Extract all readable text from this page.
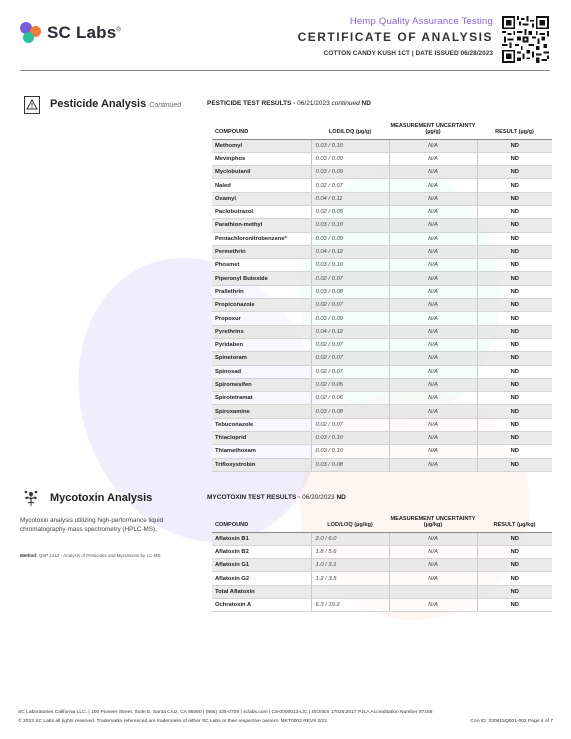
SC Labs®
Hemp Quality Assurance Testing
CERTIFICATE OF ANALYSIS
COTTON CANDY KUSH 1CT | DATE ISSUED 06/28/2023
Pesticide Analysis Continued	PESTICIDE TEST RESULTS - 06/21/2023 continued ND
COMPOUND	LOD/LOQ (µg/g)	MEASUREMENT UNCERTAINTY (µg/g)	RESULT (µg/g)
Methomyl	0.03 / 0.10	N/A	ND
Mevinphos	0.03 / 0.09	N/A	ND
Myclobutanil	0.03 / 0.09	N/A	ND
Naled	0.02 / 0.07	N/A	ND
Oxamyl	0.04 / 0.11	N/A	ND
Paclobutrazol	0.02 / 0.05	N/A	ND
Parathion-methyl	0.03 / 0.10	N/A	ND
Pentachloronitrobenzene*	0.03 / 0.09	N/A	ND
Permethrin	0.04 / 0.12	N/A	ND
Phosmet	0.03 / 0.10	N/A	ND
Piperonyl Butoxide	0.02 / 0.07	N/A	ND
Prallethrin	0.03 / 0.08	N/A	ND
Propiconazole	0.02 / 0.07	N/A	ND
Propoxur	0.03 / 0.09	N/A	ND
Pyrethrins	0.04 / 0.12	N/A	ND
Pyridaben	0.02 / 0.07	N/A	ND
Spinetoram	0.02 / 0.07	N/A	ND
Spinosad	0.02 / 0.07	N/A	ND
Spiromesifen	0.02 / 0.05	N/A	ND
Spirotetramat	0.02 / 0.06	N/A	ND
Spiroxamine	0.03 / 0.08	N/A	ND
Tebuconazole	0.02 / 0.07	N/A	ND
Thiacloprid	0.03 / 0.10	N/A	ND
Thiamethoxam	0.03 / 0.10	N/A	ND
Trifloxystrobin	0.03 / 0.08	N/A	ND
Mycotoxin Analysis
Mycotoxin analysis utilizing high-performance liquid chromatography-mass spectrometry (HPLC-MS).
Method: QSP 1212 - Analysis of Pesticides and Mycotoxins by LC-MS
MYCOTOXIN TEST RESULTS - 06/20/2023 ND
COMPOUND	LOD/LOQ (µg/kg)	MEASUREMENT UNCERTAINTY (µg/kg)	RESULT (µg/kg)
Aflatoxin B1	2.0 / 6.0	N/A	ND
Aflatoxin B2	1.8 / 5.6	N/A	ND
Aflatoxin G1	1.0 / 3.1	N/A	ND
Aflatoxin G2	1.2 / 3.5	N/A	ND
Total Aflatoxin			ND
Ochratoxin A	6.3 / 19.2	N/A	ND
SC Laboratories California LLC. | 100 Pioneer Street, Suite E, Santa Cruz, CA 95060 | (866) 435-0709 | sclabs.com | C8-0000013-LIC | ISO/IES 17025:2017 PJLA Accreditation Number 87168
© 2023 SC Labs all rights reserved. Trademarks referenced are trademarks of either SC Labs or their respective owners. MKT0002 REV9 2/22	CoA ID: 230615Q001-002 Page 4 of 7
